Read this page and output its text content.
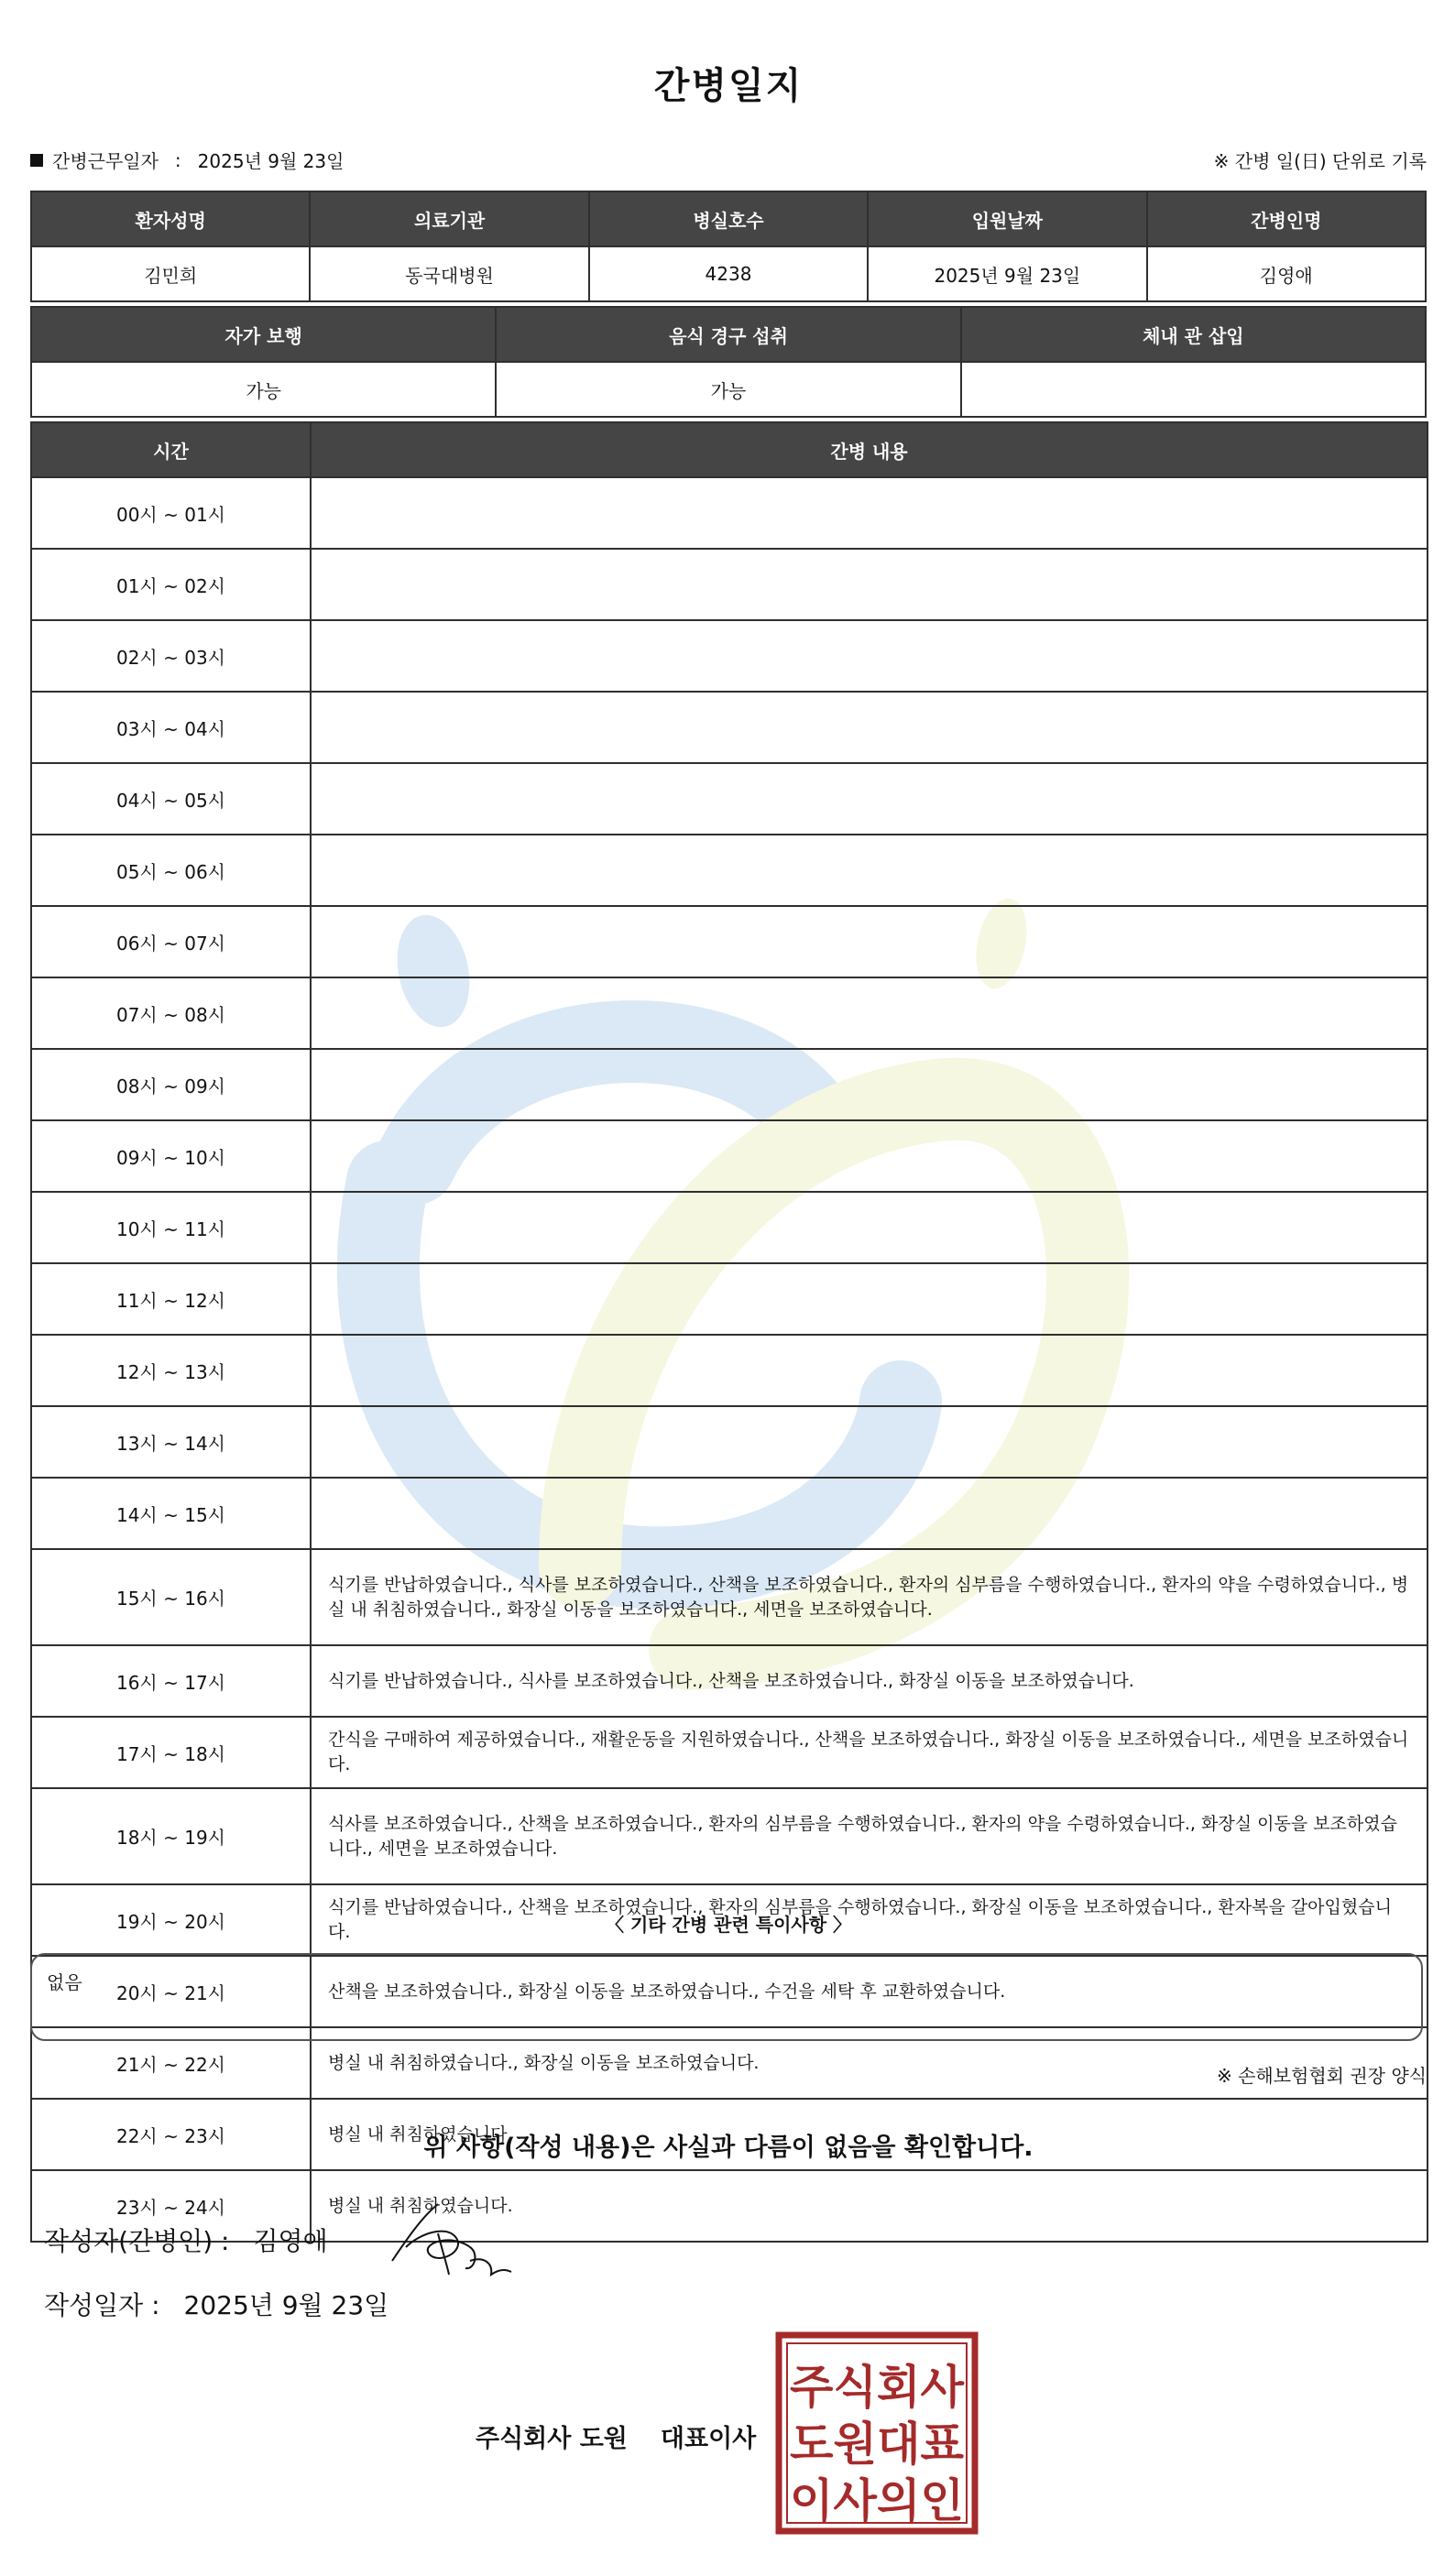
간병일지
간병근무일자 : 2025년 9월 23일	※ 간병 일(日) 단위로 기록
환자성명	의료기관	병실호수	입원날짜	간병인명
김민희	동국대병원	4238	2025년 9월 23일	김영애
자가 보행	음식 경구 섭취	체내 관 삽입
가능	가능	
시간	간병 내용
00시 ~ 01시	
01시 ~ 02시	
02시 ~ 03시	
03시 ~ 04시	
04시 ~ 05시	
05시 ~ 06시	
06시 ~ 07시	
07시 ~ 08시	
08시 ~ 09시	
09시 ~ 10시	
10시 ~ 11시	
11시 ~ 12시	
12시 ~ 13시	
13시 ~ 14시	
14시 ~ 15시	
15시 ~ 16시	식기를 반납하였습니다., 식사를 보조하였습니다., 산책을 보조하였습니다., 환자의 심부름을 수행하였습니다., 환자의 약을 수령하였습니다., 병실 내 취침하였습니다., 화장실 이동을 보조하였습니다., 세면을 보조하였습니다.
16시 ~ 17시	식기를 반납하였습니다., 식사를 보조하였습니다., 산책을 보조하였습니다., 화장실 이동을 보조하였습니다.
17시 ~ 18시	간식을 구매하여 제공하였습니다., 재활운동을 지원하였습니다., 산책을 보조하였습니다., 화장실 이동을 보조하였습니다., 세면을 보조하였습니다.
18시 ~ 19시	식사를 보조하였습니다., 산책을 보조하였습니다., 환자의 심부름을 수행하였습니다., 환자의 약을 수령하였습니다., 화장실 이동을 보조하였습니다., 세면을 보조하였습니다.
19시 ~ 20시	식기를 반납하였습니다., 산책을 보조하였습니다., 환자의 심부름을 수행하였습니다., 화장실 이동을 보조하였습니다., 환자복을 갈아입혔습니다.
20시 ~ 21시	산책을 보조하였습니다., 화장실 이동을 보조하였습니다., 수건을 세탁 후 교환하였습니다.
21시 ~ 22시	병실 내 취침하였습니다., 화장실 이동을 보조하였습니다.
22시 ~ 23시	병실 내 취침하였습니다.
23시 ~ 24시	병실 내 취침하였습니다.
〈 기타 간병 관련 특이사항 〉
없음
※ 손해보험협회 권장 양식
위 사항(작성 내용)은 사실과 다름이 없음을 확인합니다.
작성자(간병인) : 김영애
작성일자 : 2025년 9월 23일
주식회사 도원 대표이사
주식회사
도원대표
이사의인
